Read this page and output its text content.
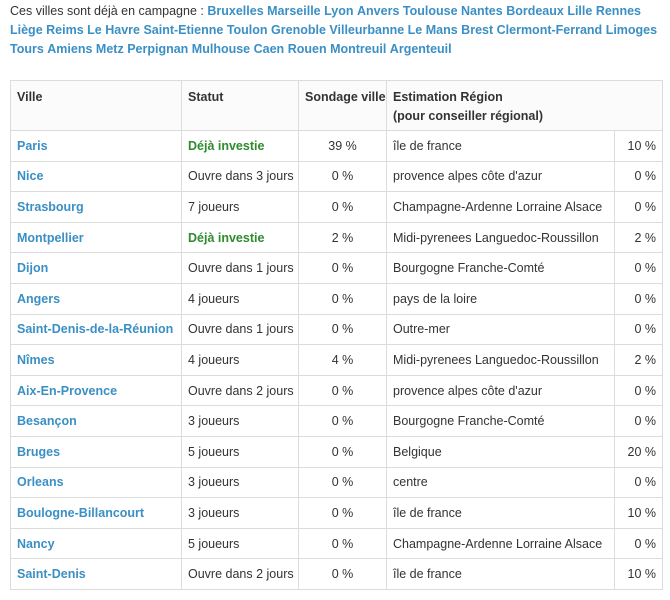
Ces villes sont déjà en campagne : Bruxelles Marseille Lyon Anvers Toulouse Nantes Bordeaux Lille Rennes Liège Reims Le Havre Saint-Etienne Toulon Grenoble Villeurbanne Le Mans Brest Clermont-Ferrand Limoges Tours Amiens Metz Perpignan Mulhouse Caen Rouen Montreuil Argenteuil
Ville	Statut	Sondage ville	Estimation Région
(pour conseiller régional)	
Paris	Déjà investie	39 %	île de france	10 %
Nice	Ouvre dans 3 jours	0 %	provence alpes côte d'azur	0 %
Strasbourg	7 joueurs	0 %	Champagne-Ardenne Lorraine Alsace	0 %
Montpellier	Déjà investie	2 %	Midi-pyrenees Languedoc-Roussillon	2 %
Dijon	Ouvre dans 1 jours	0 %	Bourgogne Franche-Comté	0 %
Angers	4 joueurs	0 %	pays de la loire	0 %
Saint-Denis-de-la-Réunion	Ouvre dans 1 jours	0 %	Outre-mer	0 %
Nîmes	4 joueurs	4 %	Midi-pyrenees Languedoc-Roussillon	2 %
Aix-En-Provence	Ouvre dans 2 jours	0 %	provence alpes côte d'azur	0 %
Besançon	3 joueurs	0 %	Bourgogne Franche-Comté	0 %
Bruges	5 joueurs	0 %	Belgique	20 %
Orleans	3 joueurs	0 %	centre	0 %
Boulogne-Billancourt	3 joueurs	0 %	île de france	10 %
Nancy	5 joueurs	0 %	Champagne-Ardenne Lorraine Alsace	0 %
Saint-Denis	Ouvre dans 2 jours	0 %	île de france	10 %
